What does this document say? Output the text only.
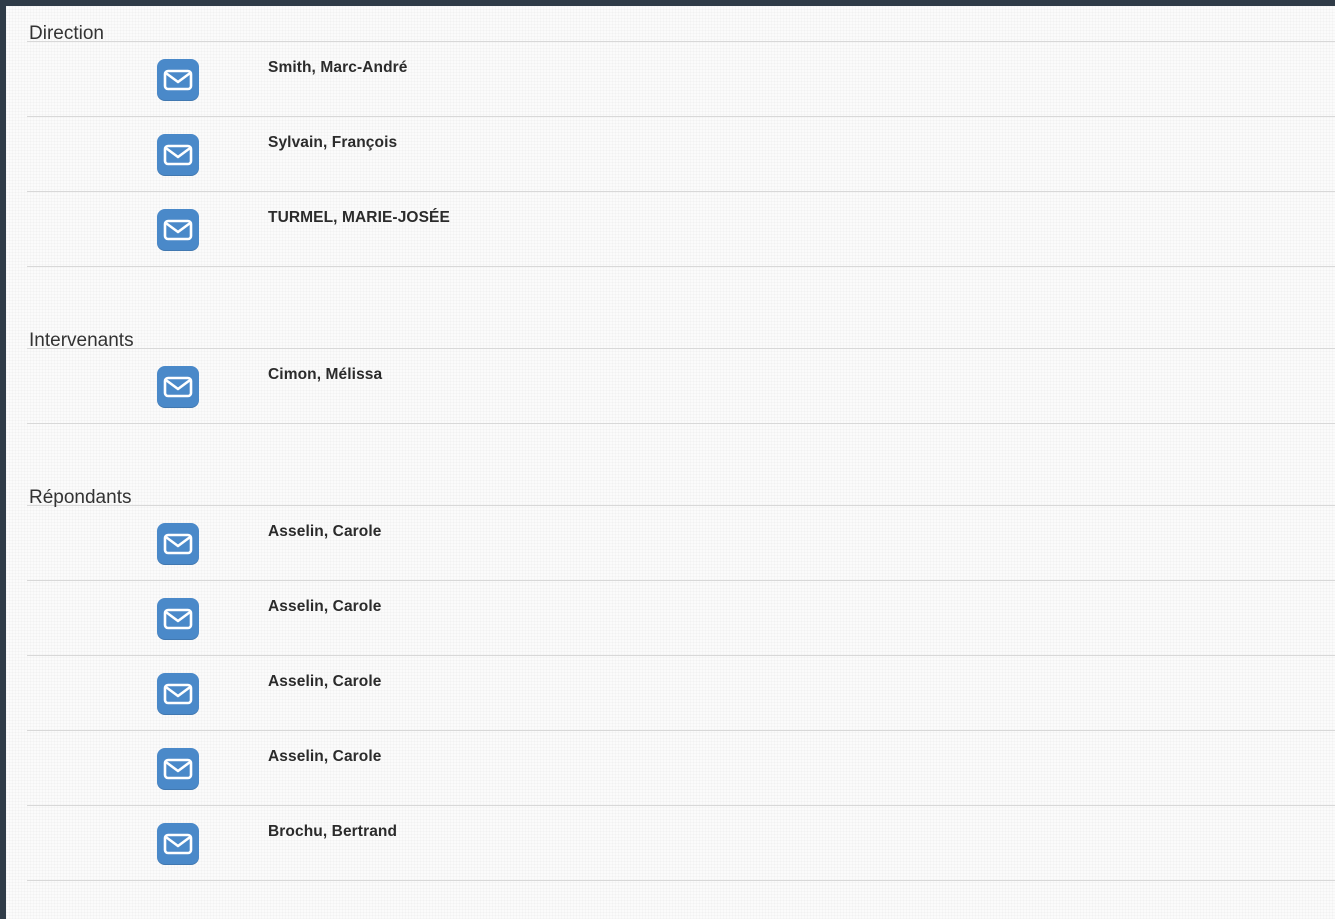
Direction
Smith, Marc-André
Sylvain, François
TURMEL, MARIE-JOSÉE
Intervenants
Cimon, Mélissa
Répondants
Asselin, Carole
Asselin, Carole
Asselin, Carole
Asselin, Carole
Brochu, Bertrand
